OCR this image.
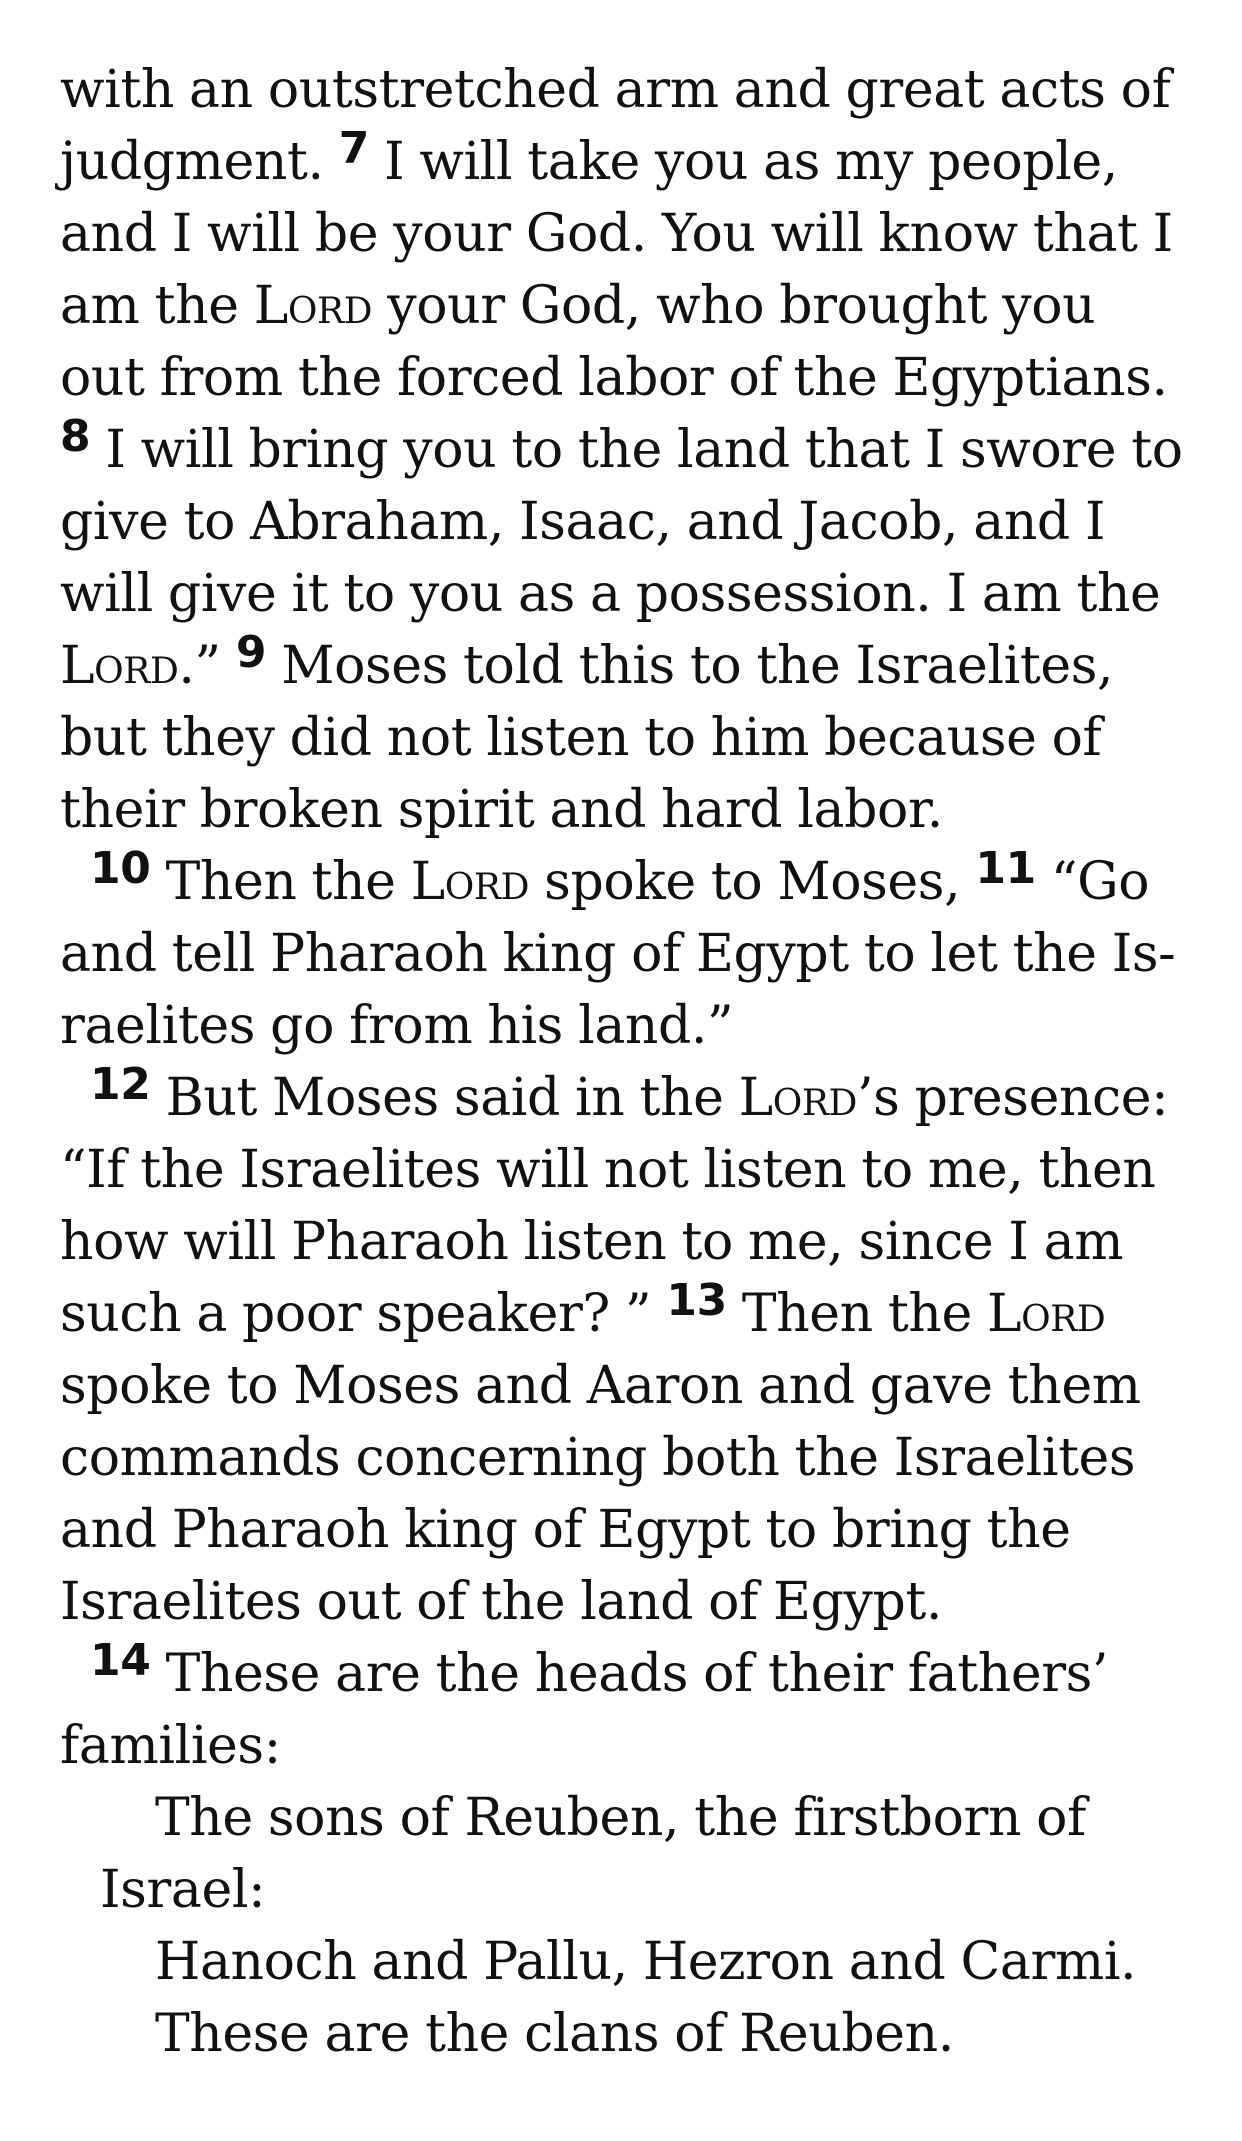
with an outstretched arm and great acts of judgment. $^7$ I will take you as my people, and I will be your God. You will know that I am the Lord your God, who brought you out from the forced labor of the Egyptians. $^8$ I will bring you to the land that I swore to give to Abraham, Isaac, and Jacob, and I will give it to you as a possession. I am the Lord.” $^9$ Moses told this to the Israelites, but they did not listen to him because of their broken spirit and hard labor.

$^{10}$ Then the Lord spoke to Moses, $^{11}$ “Go and tell Pharaoh king of Egypt to let the Is-raelites go from his land.”

$^{12}$ But Moses said in the Lord’s presence: “If the Israelites will not listen to me, then how will Pharaoh listen to me, since I am such a poor speaker? ” $^{13}$ Then the Lord spoke to Moses and Aaron and gave them commands concerning both the Israelites and Pharaoh king of Egypt to bring the Israelites out of the land of Egypt.

$^{14}$ These are the heads of their fathers’ families:

The sons of Reuben, the firstborn of
Israel:
Hanoch and Pallu, Hezron and Carmi.
These are the clans of Reuben.
